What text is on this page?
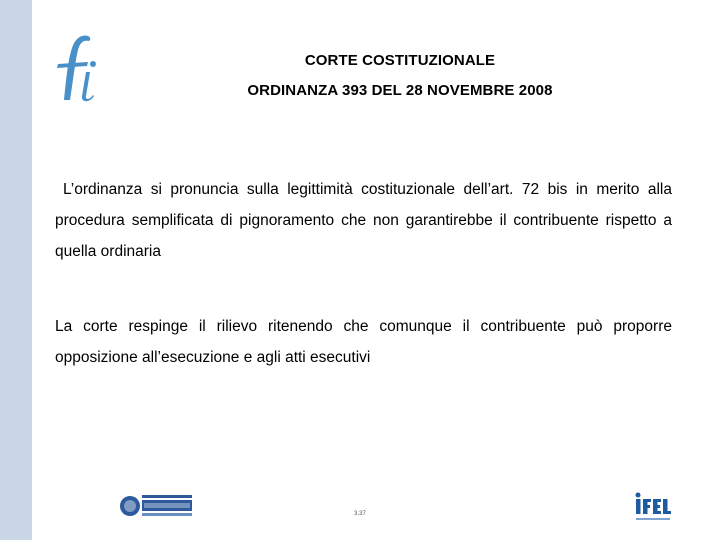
CORTE COSTITUZIONALE
ORDINANZA 393 DEL 28 NOVEMBRE 2008
L’ordinanza si pronuncia sulla legittimità costituzionale dell’art. 72 bis in merito alla procedura semplificata di pignoramento che non garantirebbe il contribuente rispetto a quella ordinaria
La corte respinge il rilievo ritenendo che comunque il contribuente può proporre opposizione all’esecuzione e agli atti esecutivi
3.37
